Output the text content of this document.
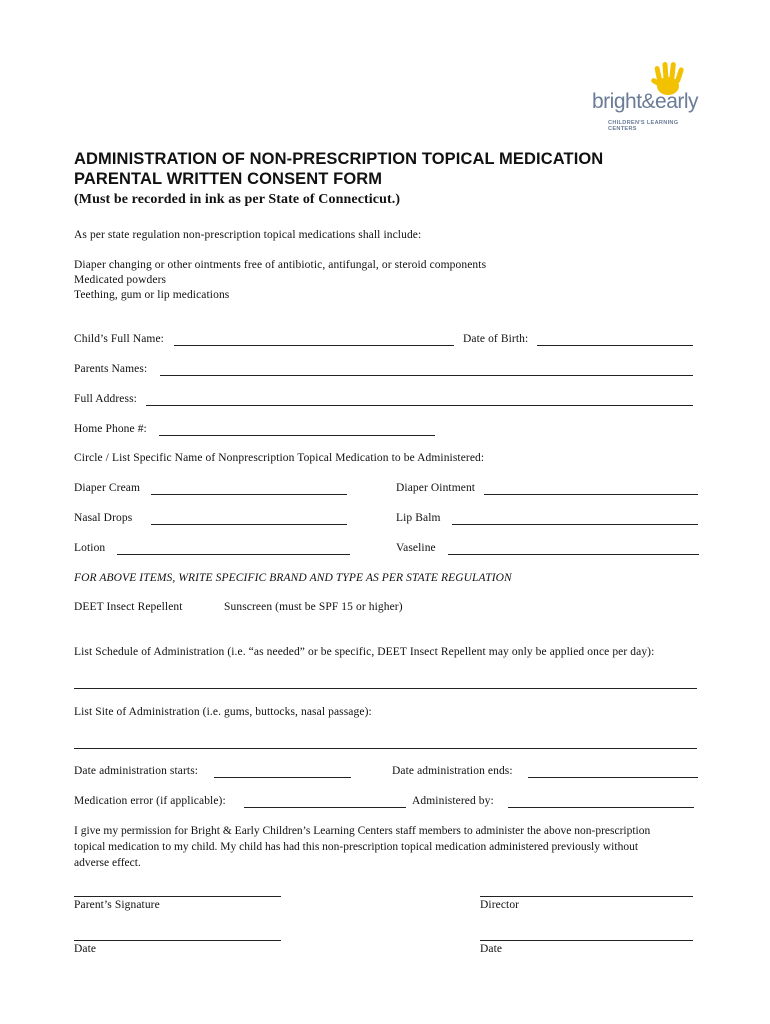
bright&early
CHILDREN'S LEARNING CENTERS
ADMINISTRATION OF NON-PRESCRIPTION TOPICAL MEDICATION
PARENTAL WRITTEN CONSENT FORM
(Must be recorded in ink as per State of Connecticut.)
As per state regulation non-prescription topical medications shall include:
Diaper changing or other ointments free of antibiotic, antifungal, or steroid components
Medicated powders
Teething, gum or lip medications
Child’s Full Name:	Date of Birth:
Parents Names:
Full Address:
Home Phone #:
Circle / List Specific Name of Nonprescription Topical Medication to be Administered:
Diaper Cream	Diaper Ointment
Nasal Drops	Lip Balm
Lotion	Vaseline
FOR ABOVE ITEMS, WRITE SPECIFIC BRAND AND TYPE AS PER STATE REGULATION
DEET Insect Repellent	Sunscreen (must be SPF 15 or higher)
List Schedule of Administration (i.e. “as needed” or be specific, DEET Insect Repellent may only be applied once per day):
List Site of Administration (i.e. gums, buttocks, nasal passage):
Date administration starts:	Date administration ends:
Medication error (if applicable):	Administered by:
I give my permission for Bright & Early Children’s Learning Centers staff members to administer the above non-prescription topical medication to my child. My child has had this non-prescription topical medication administered previously without adverse effect.
Parent’s Signature	Director
Date	Date
